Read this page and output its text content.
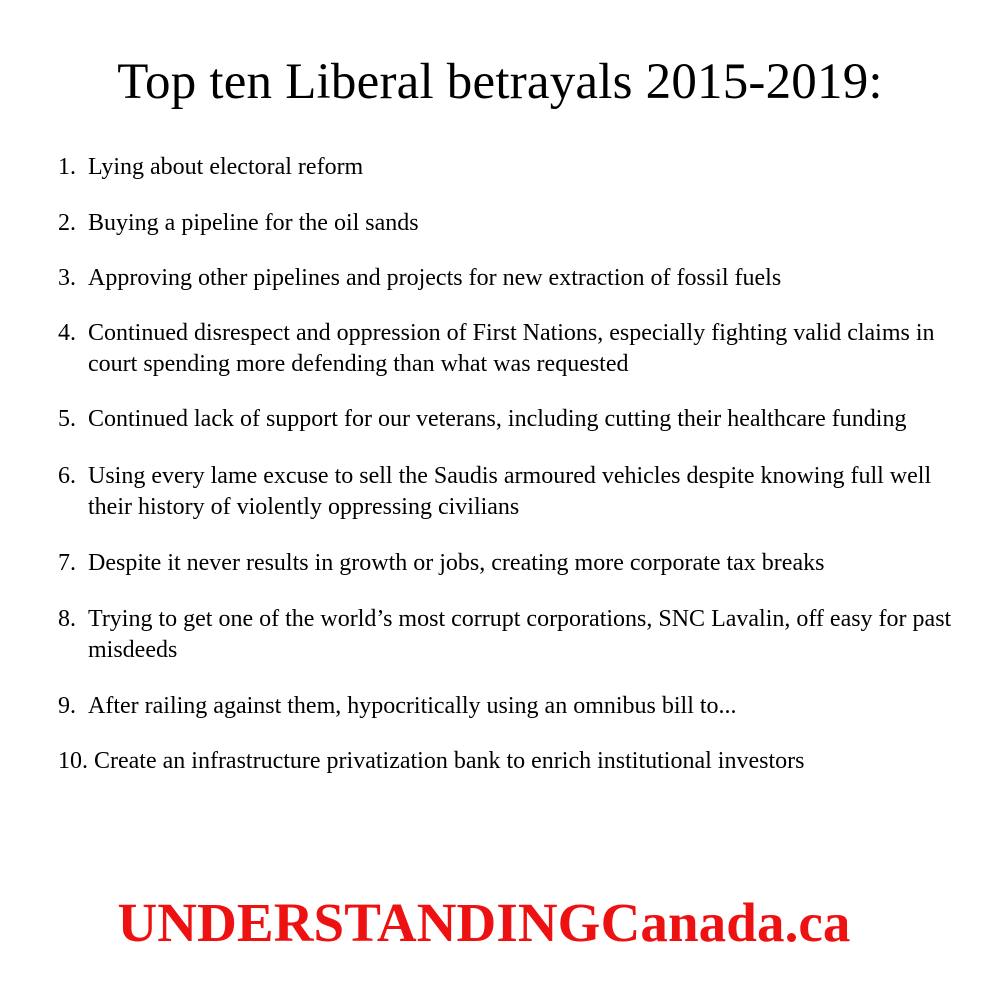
Top ten Liberal betrayals 2015-2019:
1. Lying about electoral reform
2. Buying a pipeline for the oil sands
3. Approving other pipelines and projects for new extraction of fossil fuels
4. Continued disrespect and oppression of First Nations, especially fighting valid claims in court spending more defending than what was requested
5. Continued lack of support for our veterans, including cutting their healthcare funding
6. Using every lame excuse to sell the Saudis armoured vehicles despite knowing full well their history of violently oppressing civilians
7. Despite it never results in growth or jobs, creating more corporate tax breaks
8. Trying to get one of the world’s most corrupt corporations, SNC Lavalin, off easy for past misdeeds
9. After railing against them, hypocritically using an omnibus bill to...
10. Create an infrastructure privatization bank to enrich institutional investors
UNDERSTANDINGCanada.ca
